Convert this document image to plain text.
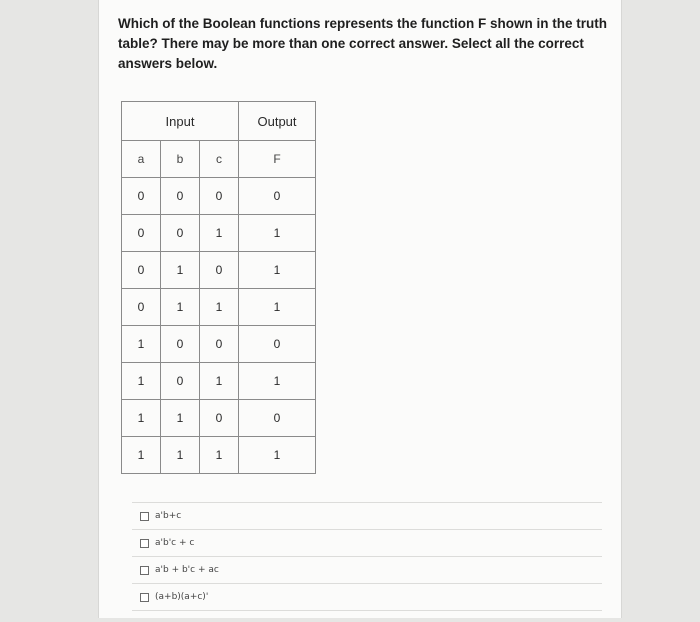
Which of the Boolean functions represents the function F shown in the truth table? There may be more than one correct answer. Select all the correct answers below.
Input			Output
a	b	c	F
0	0	0	0
0	0	1	1
0	1	0	1
0	1	1	1
1	0	0	0
1	0	1	1
1	1	0	0
1	1	1	1
a'b+c
a'b'c + c
a'b + b'c + ac
(a+b)(a+c)'
